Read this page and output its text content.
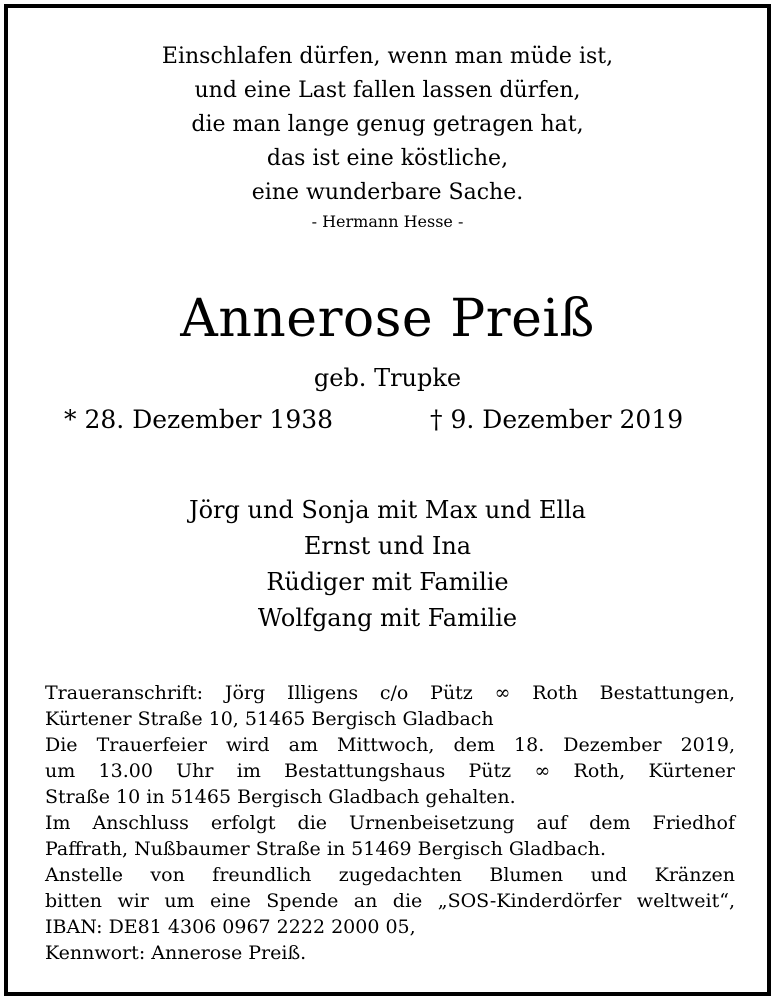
Einschlafen dürfen, wenn man müde ist,
und eine Last fallen lassen dürfen,
die man lange genug getragen hat,
das ist eine köstliche,
eine wunderbare Sache.
- Hermann Hesse -
Annerose Preiß
geb. Trupke
* 28. Dezember 1938	† 9. Dezember 2019
Jörg und Sonja mit Max und Ella
Ernst und Ina
Rüdiger mit Familie
Wolfgang mit Familie
Traueranschrift: Jörg Illigens c/o Pütz ∞ Roth Bestattungen,
Kürtener Straße 10, 51465 Bergisch Gladbach
Die Trauerfeier wird am Mittwoch, dem 18. Dezember 2019,
um 13.00 Uhr im Bestattungshaus Pütz ∞ Roth, Kürtener
Straße 10 in 51465 Bergisch Gladbach gehalten.
Im Anschluss erfolgt die Urnenbeisetzung auf dem Friedhof
Paffrath, Nußbaumer Straße in 51469 Bergisch Gladbach.
Anstelle von freundlich zugedachten Blumen und Kränzen
bitten wir um eine Spende an die „SOS-Kinderdörfer weltweit“,
IBAN: DE81 4306 0967 2222 2000 05,
Kennwort: Annerose Preiß.
